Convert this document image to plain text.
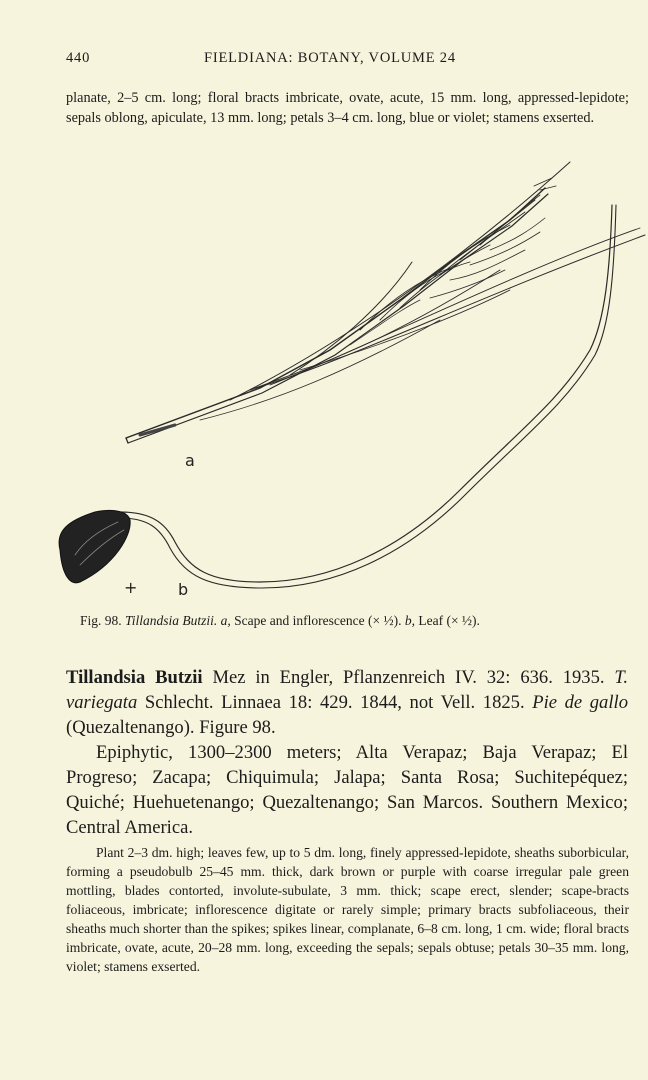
440	FIELDIANA: BOTANY, VOLUME 24

planate, 2–5 cm. long; floral bracts imbricate, ovate, acute, 15 mm. long, appressed-lepidote; sepals oblong, apiculate, 13 mm. long; petals 3–4 cm. long, blue or violet; stamens exserted.

a
b
+
Fig. 98. Tillandsia Butzii. a, Scape and inflorescence (× ½). b, Leaf (× ½).

Tillandsia Butzii Mez in Engler, Pflanzenreich IV. 32: 636. 1935. T. variegata Schlecht. Linnaea 18: 429. 1844, not Vell. 1825. Pie de gallo (Quezaltenango). Figure 98.

Epiphytic, 1300–2300 meters; Alta Verapaz; Baja Verapaz; El Progreso; Zacapa; Chiquimula; Jalapa; Santa Rosa; Suchitepéquez; Quiché; Huehuetenango; Quezaltenango; San Marcos. Southern Mexico; Central America.

Plant 2–3 dm. high; leaves few, up to 5 dm. long, finely appressed-lepidote, sheaths suborbicular, forming a pseudobulb 25–45 mm. thick, dark brown or purple with coarse irregular pale green mottling, blades contorted, involute-subulate, 3 mm. thick; scape erect, slender; scape-bracts foliaceous, imbricate; inflorescence digitate or rarely simple; primary bracts subfoliaceous, their sheaths much shorter than the spikes; spikes linear, complanate, 6–8 cm. long, 1 cm. wide; floral bracts imbricate, ovate, acute, 20–28 mm. long, exceeding the sepals; sepals obtuse; petals 30–35 mm. long, violet; stamens exserted.
